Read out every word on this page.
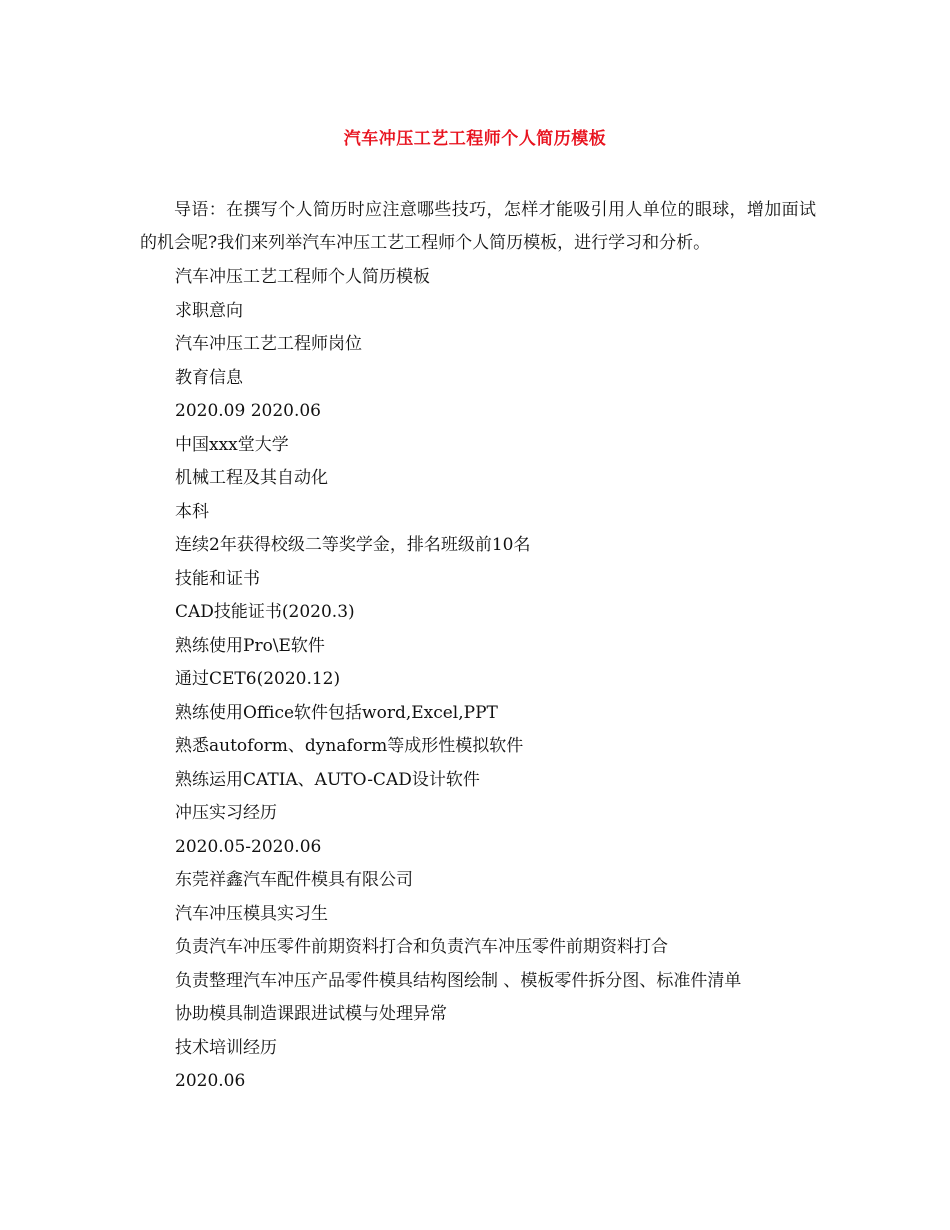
汽车冲压工艺工程师个人简历模板
导语：在撰写个人简历时应注意哪些技巧，怎样才能吸引用人单位的眼球，增加面试的机会呢?我们来列举汽车冲压工艺工程师个人简历模板，进行学习和分析。
汽车冲压工艺工程师个人简历模板
求职意向
汽车冲压工艺工程师岗位
教育信息
2020.09 2020.06
中国xxx堂大学
机械工程及其自动化
本科
连续2年获得校级二等奖学金，排名班级前10名
技能和证书
CAD技能证书(2020.3)
熟练使用Pro\E软件
通过CET6(2020.12)
熟练使用Office软件包括word,Excel,PPT
熟悉autoform、dynaform等成形性模拟软件
熟练运用CATIA、AUTO-CAD设计软件
冲压实习经历
2020.05-2020.06
东莞祥鑫汽车配件模具有限公司
汽车冲压模具实习生
负责汽车冲压零件前期资料打合和负责汽车冲压零件前期资料打合
负责整理汽车冲压产品零件模具结构图绘制 、模板零件拆分图、标准件清单
协助模具制造课跟进试模与处理异常
技术培训经历
2020.06
